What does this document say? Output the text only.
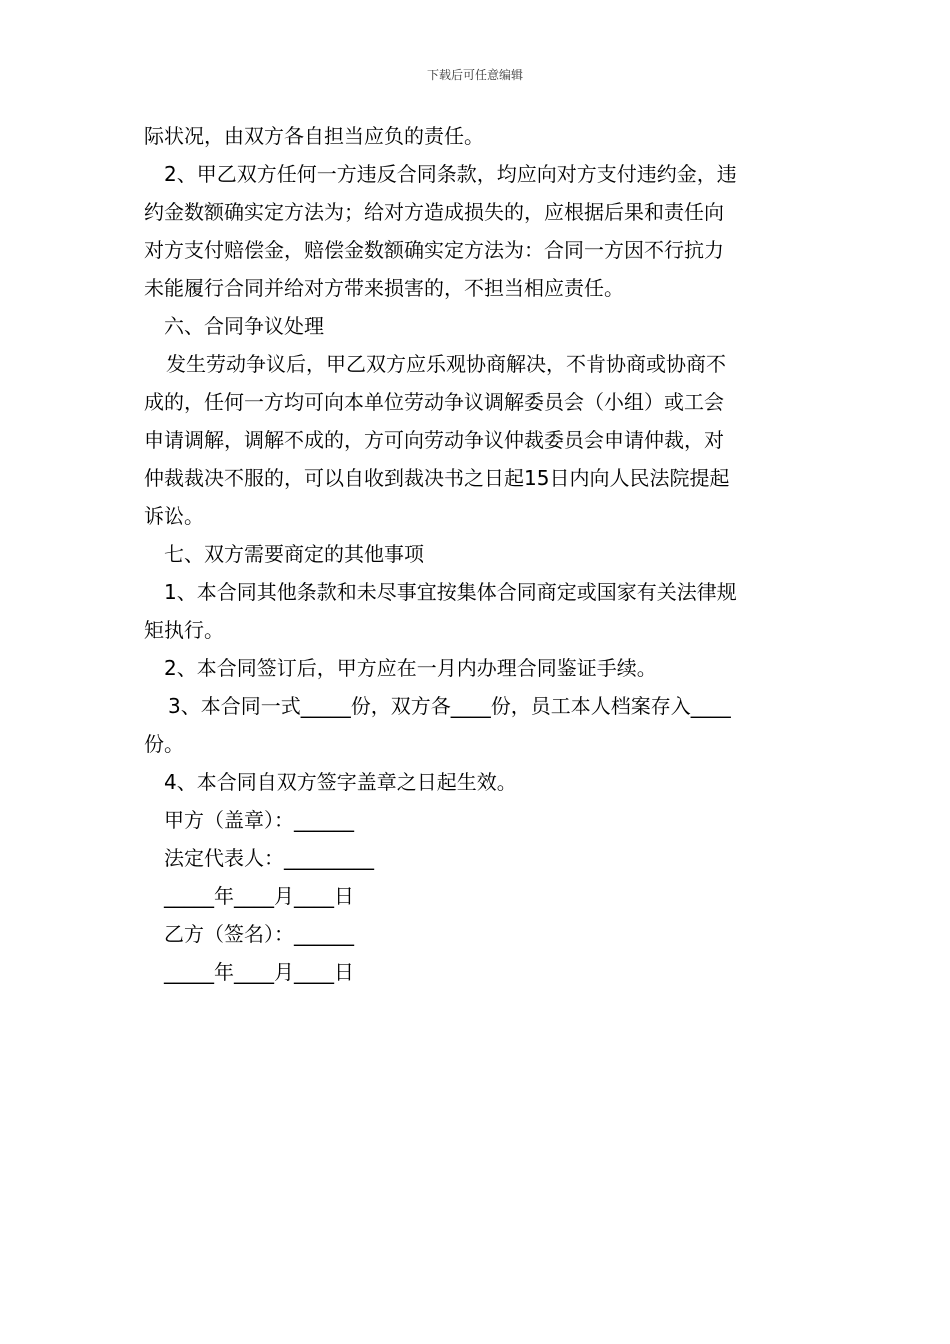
下载后可任意编辑
际状况，由双方各自担当应负的责任。
2、甲乙双方任何一方违反合同条款，均应向对方支付违约金，违
约金数额确实定方法为；给对方造成损失的，应根据后果和责任向
对方支付赔偿金，赔偿金数额确实定方法为：合同一方因不行抗力
未能履行合同并给对方带来损害的，不担当相应责任。
六、合同争议处理
发生劳动争议后，甲乙双方应乐观协商解决，不肯协商或协商不
成的，任何一方均可向本单位劳动争议调解委员会（小组）或工会
申请调解，调解不成的，方可向劳动争议仲裁委员会申请仲裁，对
仲裁裁决不服的，可以自收到裁决书之日起15日内向人民法院提起
诉讼。
七、双方需要商定的其他事项
1、本合同其他条款和未尽事宜按集体合同商定或国家有关法律规
矩执行。
2、本合同签订后，甲方应在一月内办理合同鉴证手续。
3、本合同一式_____份，双方各____份，员工本人档案存入____
份。
4、本合同自双方签字盖章之日起生效。
甲方（盖章）：______
法定代表人：_________
_____年____月____日
乙方（签名）：______
_____年____月____日
